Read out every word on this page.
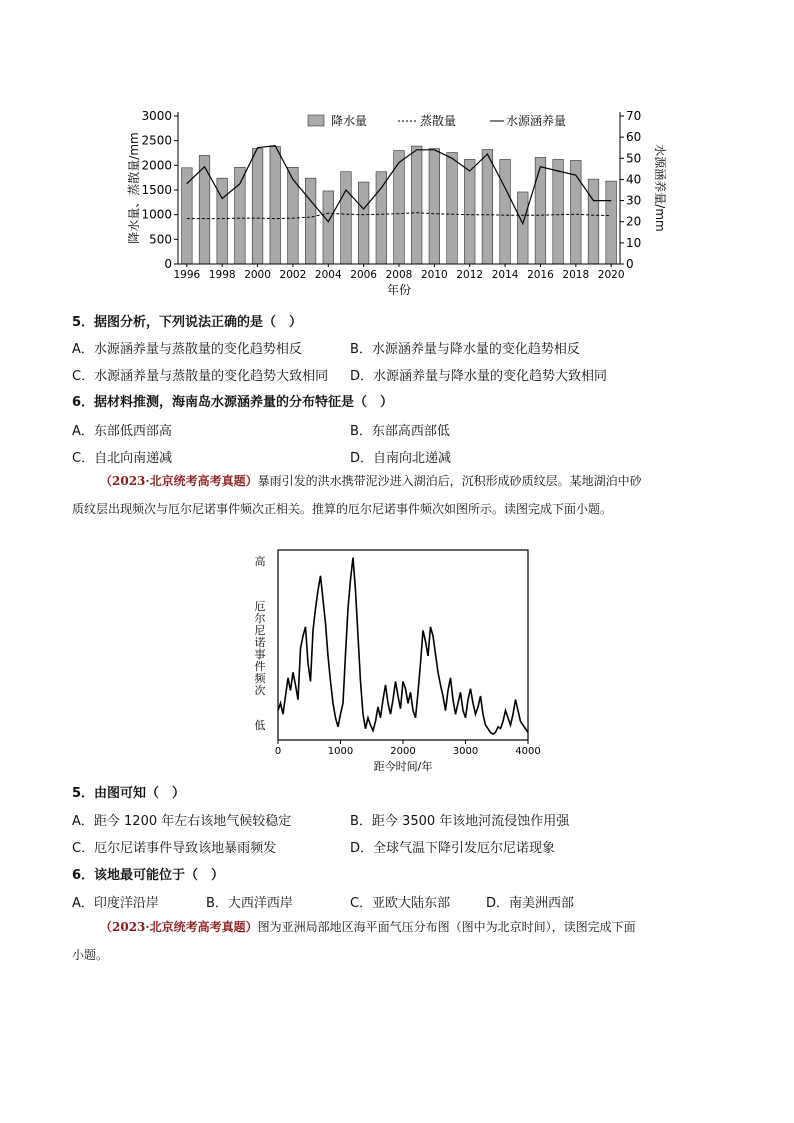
0
500
1000
1500
2000
2500
3000
0
10
20
30
40
50
60
70
1996 1998 2000 2002 2004 2006 2008 2010 2012 2014 2016 2018 2020
降水量	蒸散量	水源涵养量
降水量、蒸散量/mm	水源涵养量/mm
年份
5．据图分析，下列说法正确的是（　）
A．水源涵养量与蒸散量的变化趋势相反	B．水源涵养量与降水量的变化趋势相反
C．水源涵养量与蒸散量的变化趋势大致相同 D．水源涵养量与降水量的变化趋势大致相同
6．据材料推测，海南岛水源涵养量的分布特征是（　）
A．东部低西部高	B．东部高西部低
C．自北向南递减	D．自南向北递减
（2023·北京统考高考真题）暴雨引发的洪水携带泥沙进入湖泊后，沉积形成砂质纹层。某地湖泊中砂
质纹层出现频次与厄尔尼诺事件频次正相关。推算的厄尔尼诺事件频次如图所示。读图完成下面小题。
0	1000	2000	3000	4000
高
低
厄尔尼诺事件频次
距今时间/年
5．由图可知（　）
A．距今 1200 年左右该地气候较稳定	B．距今 3500 年该地河流侵蚀作用强
C．厄尔尼诺事件导致该地暴雨频发	D．全球气温下降引发厄尔尼诺现象
6．该地最可能位于（　）
A．印度洋沿岸	B．大西洋西岸	C．亚欧大陆东部	D．南美洲西部
（2023·北京统考高考真题）图为亚洲局部地区海平面气压分布图（图中为北京时间），读图完成下面
小题。
